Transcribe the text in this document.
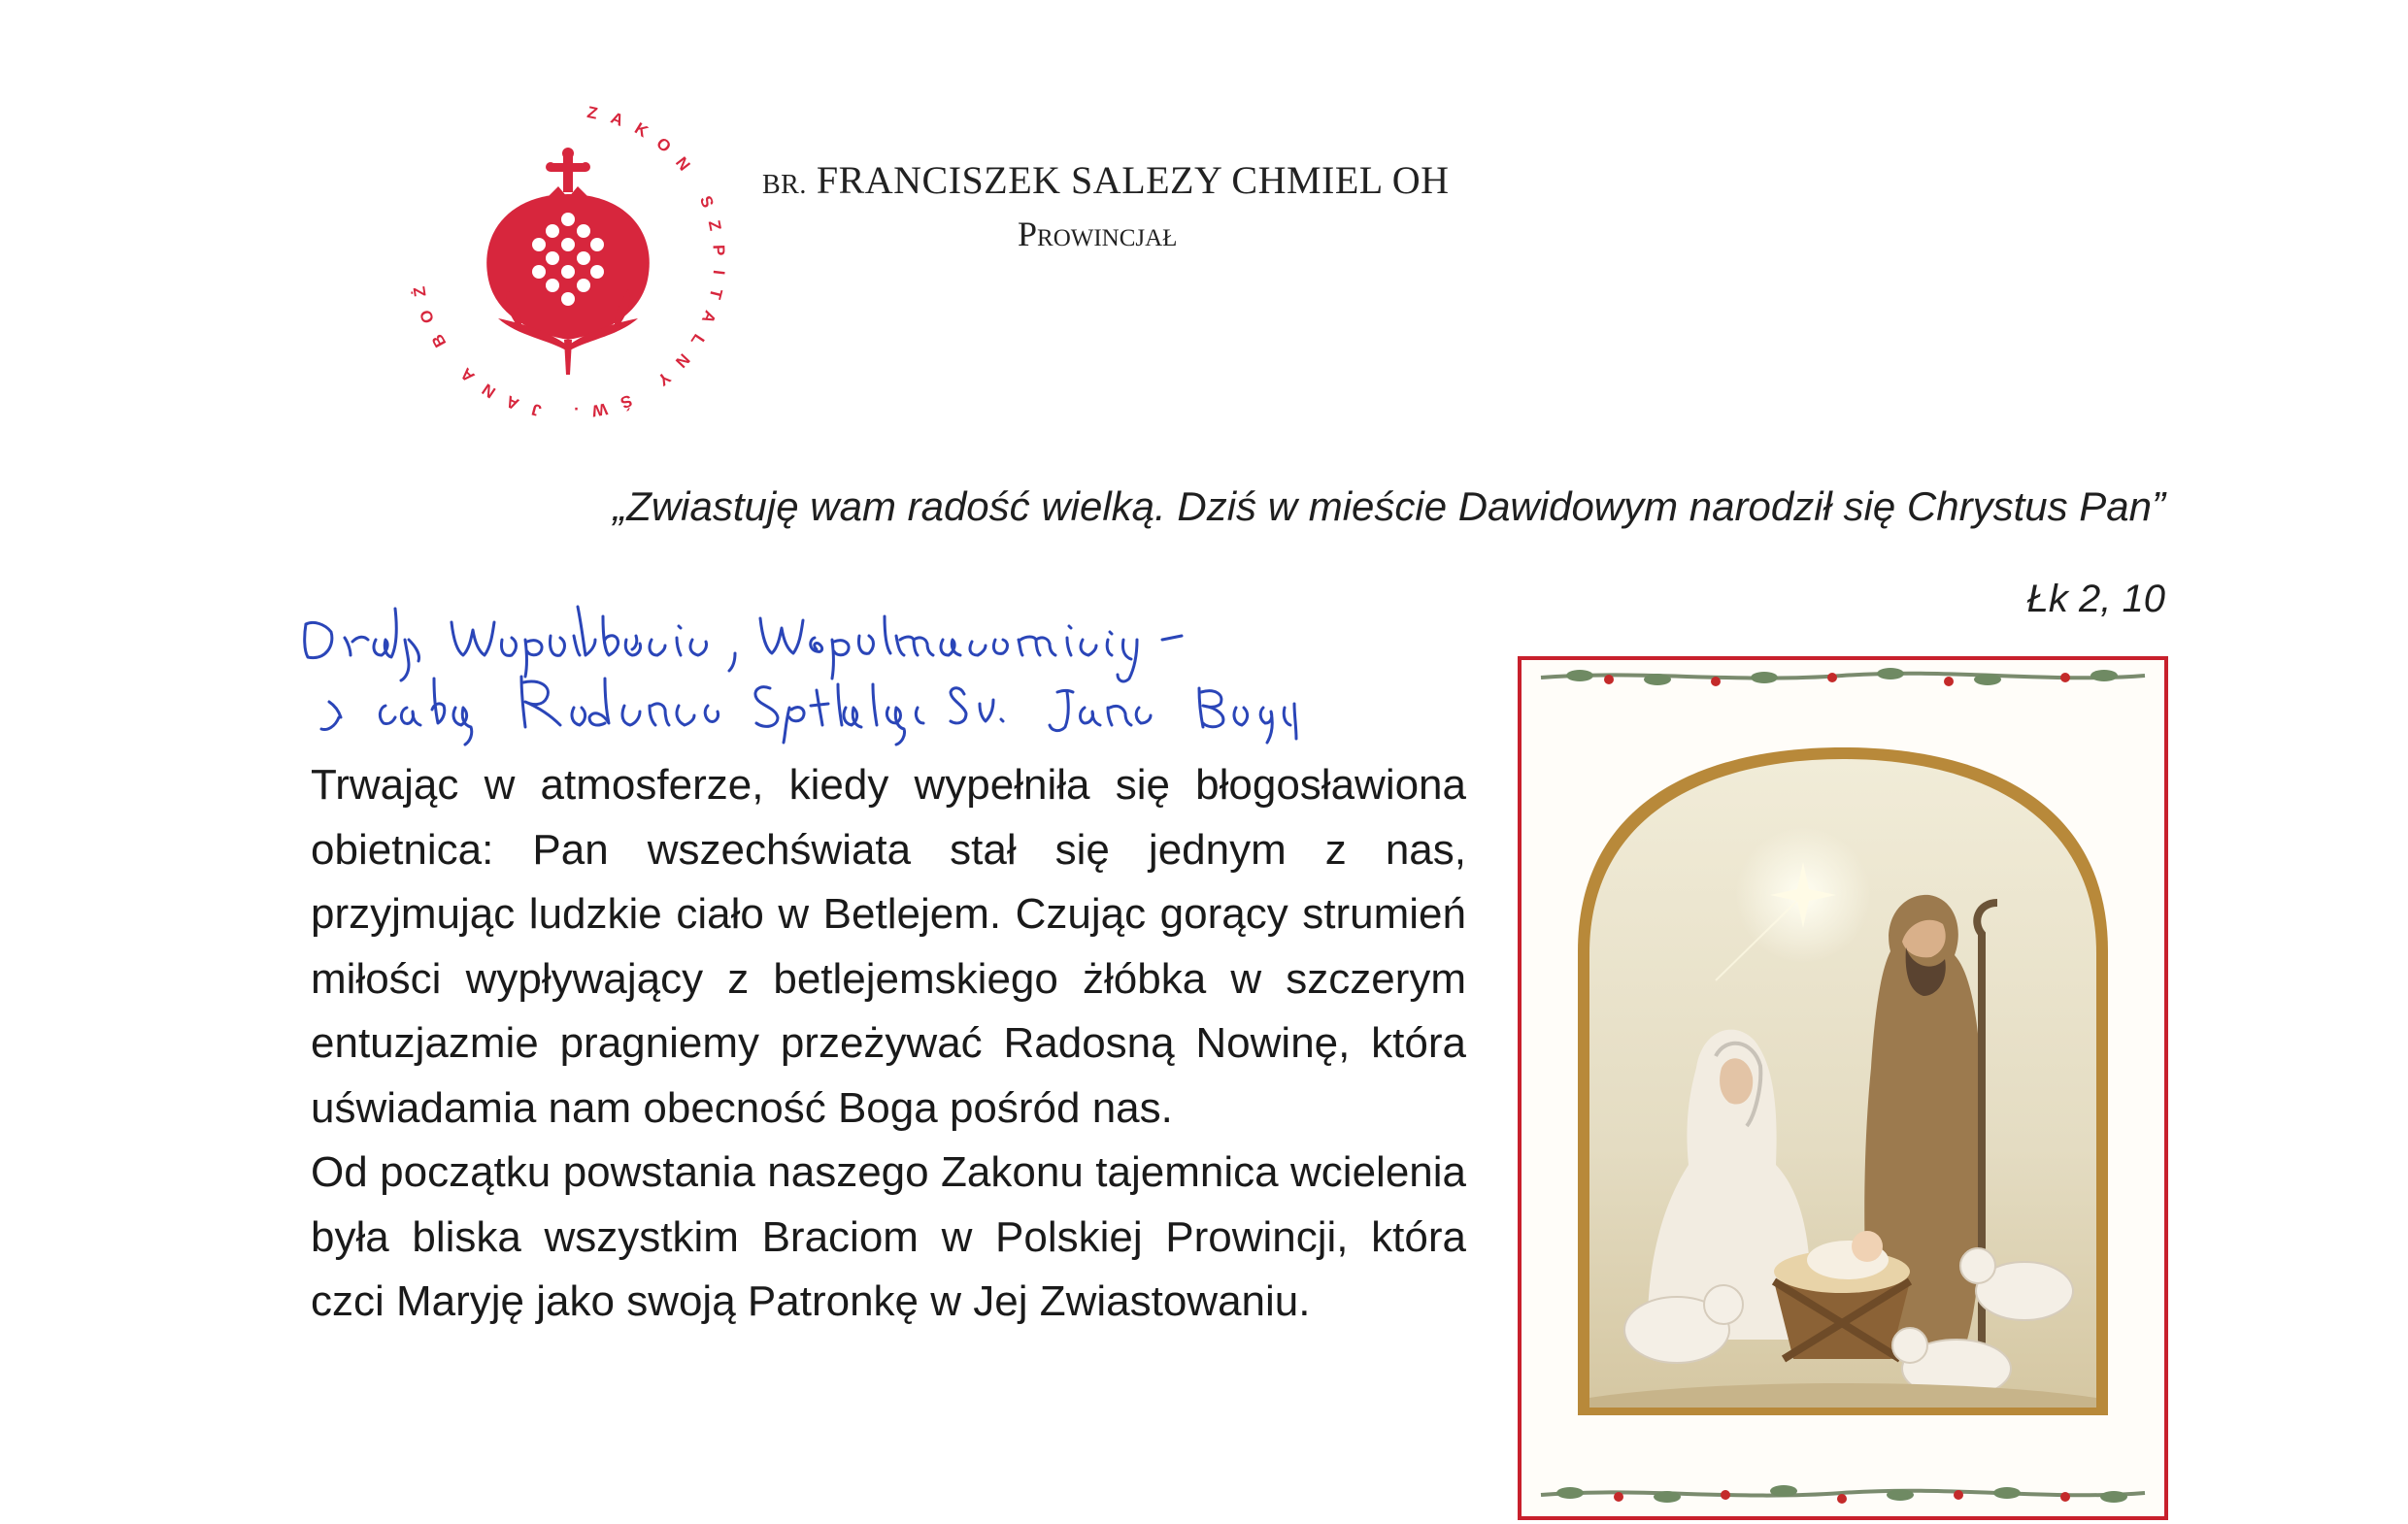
ZAKON SZPITALNY ŚW. JANA BOŻ
BR. FRANCISZEK SALEZY CHMIEL OH
Prowincjał
„Zwiastuję wam radość wielką. Dziś w mieście Dawidowym narodził się Chrystus Pan”
Łk 2, 10

Trwając w atmosferze, kiedy wypełniła się błogosławiona obietnica: Pan wszechświata stał się jednym z nas, przyjmując ludzkie ciało w Betlejem. Czując gorący strumień miłości wypływający z betlejemskiego żłóbka w szczerym entuzjazmie pragniemy przeżywać Radosną Nowinę, która uświadamia nam obecność Boga pośród nas.

Od początku powstania naszego Zakonu tajemnica wcielenia była bliska wszystkim Braciom w Polskiej Prowincji, która czci Maryję jako swoją Patronkę w Jej Zwiastowaniu.
